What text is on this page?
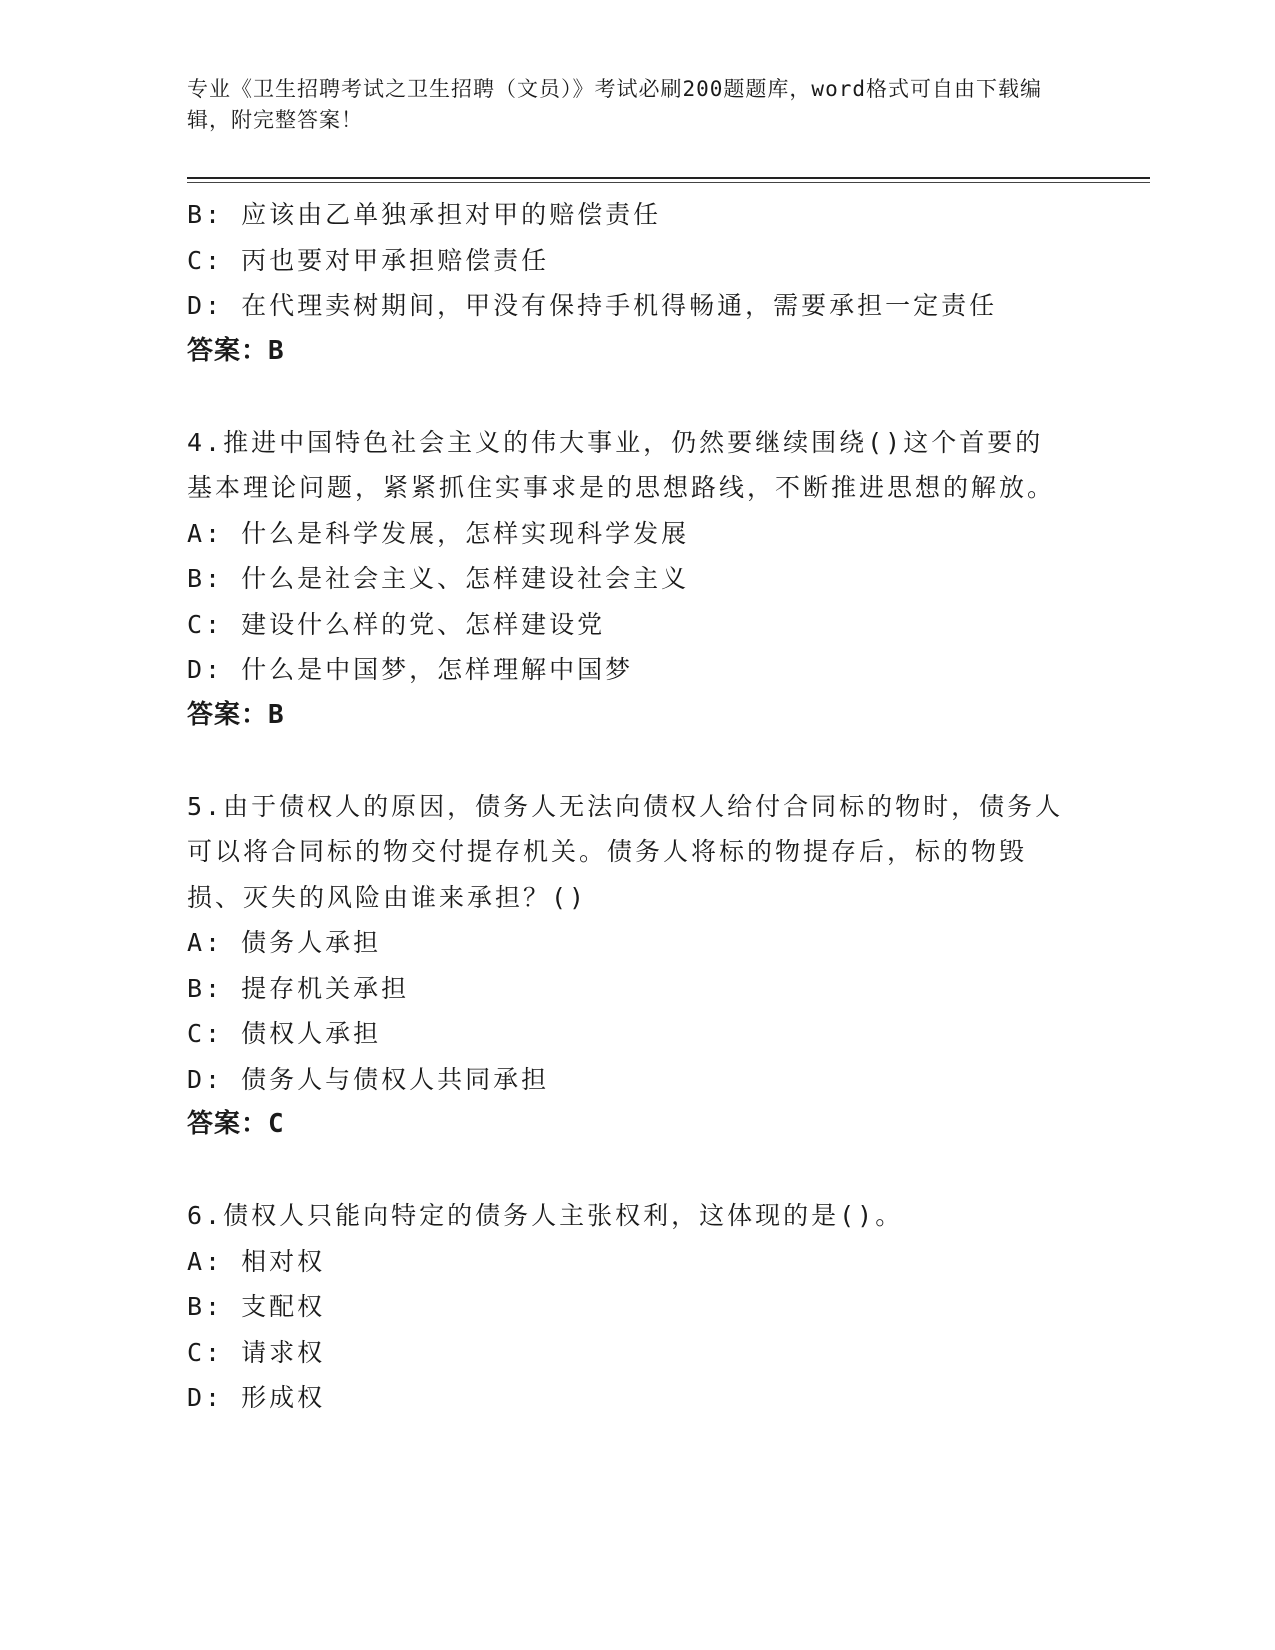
专业《卫生招聘考试之卫生招聘（文员）》考试必刷200题题库，word格式可自由下载编辑，附完整答案！
B: 应该由乙单独承担对甲的赔偿责任
C: 丙也要对甲承担赔偿责任
D: 在代理卖树期间，甲没有保持手机得畅通，需要承担一定责任
答案：B
4.推进中国特色社会主义的伟大事业，仍然要继续围绕()这个首要的基本理论问题，紧紧抓住实事求是的思想路线，不断推进思想的解放。
A: 什么是科学发展，怎样实现科学发展
B: 什么是社会主义、怎样建设社会主义
C: 建设什么样的党、怎样建设党
D: 什么是中国梦，怎样理解中国梦
答案：B
5.由于债权人的原因，债务人无法向债权人给付合同标的物时，债务人可以将合同标的物交付提存机关。债务人将标的物提存后，标的物毁损、灭失的风险由谁来承担？()
A: 债务人承担
B: 提存机关承担
C: 债权人承担
D: 债务人与债权人共同承担
答案：C
6.债权人只能向特定的债务人主张权利，这体现的是()。
A: 相对权
B: 支配权
C: 请求权
D: 形成权
